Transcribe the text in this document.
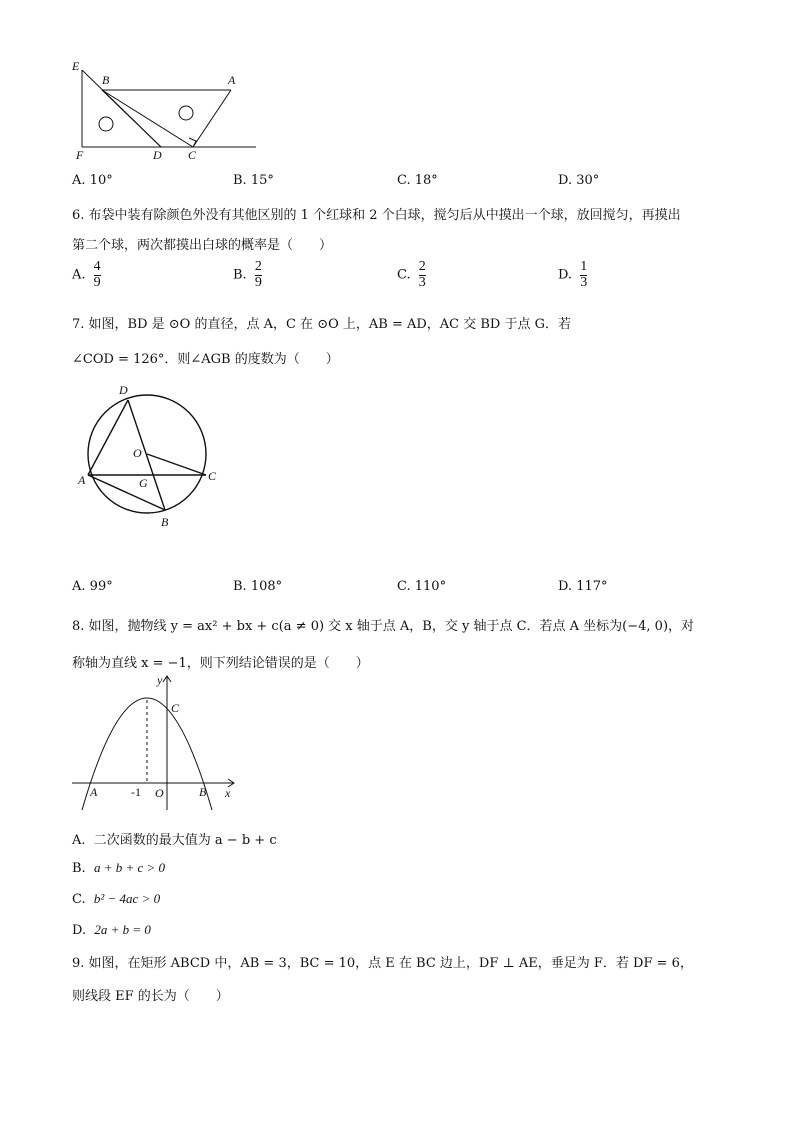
E
B	A
F	D C
A. 10°	B. 15°	C. 18°	D. 30°
6. 布袋中装有除颜色外没有其他区别的 1 个红球和 2 个白球，搅匀后从中摸出一个球，放回搅匀，再摸出
第二个球，两次都摸出白球的概率是（　　）
A. $\frac{4}{9}$	B. $\frac{2}{9}$	C. $\frac{2}{3}$	D. $\frac{1}{3}$
7. 如图，BD 是 ⊙O 的直径，点 A，C 在 ⊙O 上，AB = AD，AC 交 BD 于点 G．若
∠COD = 126°．则∠AGB 的度数为（　　）
D
O
A	G	C
B
A. 99°	B. 108°	C. 110°	D. 117°
8. 如图，抛物线 y = ax² + bx + c(a ≠ 0) 交 x 轴于点 A，B，交 y 轴于点 C．若点 A 坐标为(−4, 0)，对
称轴为直线 x = −1，则下列结论错误的是（　　）
y
C
A	-1 O	B x
A. 二次函数的最大值为 a − b + c
B. a + b + c > 0
C. b² − 4ac > 0
D. 2a + b = 0
9. 如图，在矩形 ABCD 中，AB = 3，BC = 10，点 E 在 BC 边上，DF ⊥ AE，垂足为 F．若 DF = 6，
则线段 EF 的长为（　　）
